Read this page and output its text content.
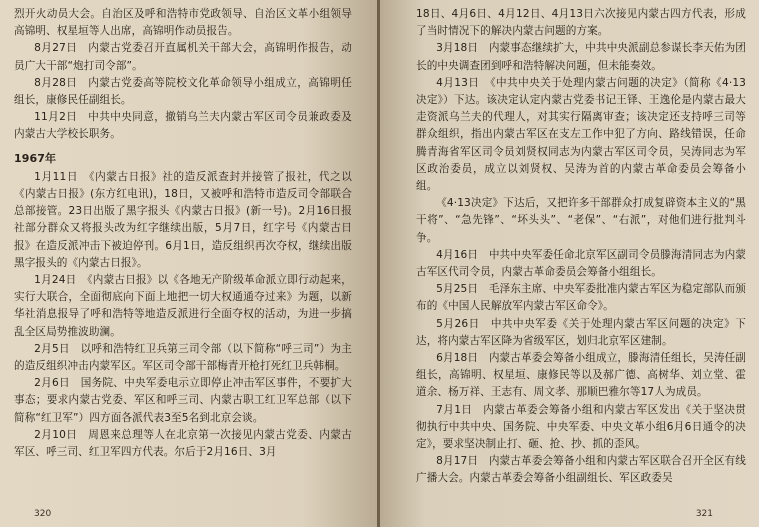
烈开火动员大会。自治区及呼和浩特市党政领导、自治区文革小组领导高锦明、权星垣等人出席，高锦明作动员报告。

8月27日　内蒙古党委召开直属机关干部大会，高锦明作报告，动员广大干部“炮打司令部”。

8月28日　内蒙古党委高等院校文化革命领导小组成立，高锦明任组长，康修民任副组长。

11月2日　中共中央同意，撤销乌兰夫内蒙古军区司令员兼政委及内蒙古大学校长职务。

1967年

1月11日　《内蒙古日报》社的造反派查封并接管了报社，代之以《内蒙古日报》(东方红电讯)，18日，又被呼和浩特市造反司令部联合总部接管。23日出版了黑字报头《内蒙古日报》(新一号)。2月16日报社部分群众又将报头改为红字继续出版，5月7日，红字号《内蒙古日报》在造反派冲击下被迫停刊。6月1日，造反组织再次夺权，继续出版黑字报头的《内蒙古日报》。

1月24日　《内蒙古日报》以《各地无产阶级革命派立即行动起来，实行大联合，全面彻底向下面上地把一切大权通通夺过来》为题，以新华社消息报导了呼和浩特等地造反派进行全面夺权的活动，为进一步搞乱全区局势推波助澜。

2月5日　以呼和浩特红卫兵第三司令部（以下简称“呼三司”）为主的造反组织冲击内蒙军区。军区司令部干部梅青开枪打死红卫兵韩桐。

2月6日　国务院、中央军委电示立即停止冲击军区事件，不要扩大事态；要求内蒙古党委、军区和呼三司、内蒙古职工红卫军总部（以下简称“红卫军”）四方面各派代表3至5名到北京会谈。

2月10日　周恩来总理等人在北京第一次接见内蒙古党委、内蒙古军区、呼三司、红卫军四方代表。尔后于2月16日、3月

320

18日、4月6日、4月12日、4月13日六次接见内蒙古四方代表，形成了当时情况下的解决内蒙古问题的方案。

3月18日　内蒙事态继续扩大，中共中央派副总参谋长李天佑为团长的中央调查团到呼和浩特解决问题，但未能奏效。

4月13日　《中共中央关于处理内蒙古问题的决定》（简称《4·13决定》）下达。该决定认定内蒙古党委书记王铎、王逸伦是内蒙古最大走资派乌兰夫的代理人，对其实行隔离审查；该决定还支持呼三司等群众组织，指出内蒙古军区在支左工作中犯了方向、路线错误，任命腾青海省军区司令员刘贤权同志为内蒙古军区司令员，吴涛同志为军区政治委员，成立以刘贤权、吴涛为首的内蒙古革命委员会筹备小组。

《4·13决定》下达后，又把许多干部群众打成复辟资本主义的“黑干将”、“急先锋”、“坏头头”、“老保”、“右派”，对他们进行批判斗争。

4月16日　中共中央军委任命北京军区副司令员滕海清同志为内蒙古军区代司令员，内蒙古革命委员会筹备小组组长。

5月25日　毛泽东主席、中央军委批准内蒙古军区为稳定部队而颁布的《中国人民解放军内蒙古军区命令》。

5月26日　中共中央军委《关于处理内蒙古军区问题的决定》下达，将内蒙古军区降为省级军区，划归北京军区建制。

6月18日　内蒙古革委会筹备小组成立，滕海清任组长，吴涛任副组长，高锦明、权星垣、康修民等以及郝广德、高树华、刘立堂、霍道余、杨万祥、王志有、周文孝、那顺巴雅尔等17人为成员。

7月1日　内蒙古革委会筹备小组和内蒙古军区发出《关于坚决贯彻执行中共中央、国务院、中央军委、中央文革小组6月6日通令的决定》，要求坚决制止打、砸、抢、抄、抓的歪风。

8月17日　内蒙古革委会筹备小组和内蒙古军区联合召开全区有线广播大会。内蒙古革委会筹备小组副组长、军区政委吴

321
